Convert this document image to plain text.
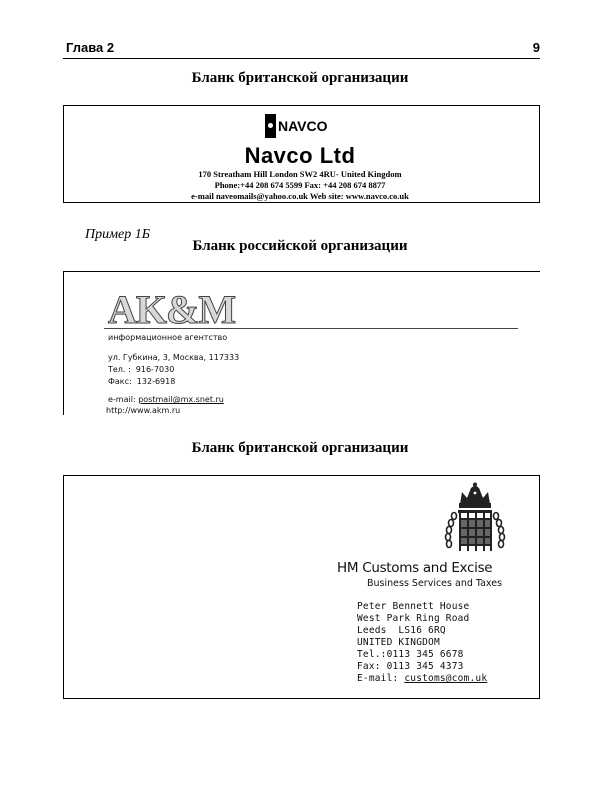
Глава 2	9
Бланк британской организации
NAVCO
Navco Ltd
170 Streatham Hill London SW2 4RU- United Kingdom
Phone:+44 208 674 5599 Fax: +44 208 674 8877
e-mail naveomails@yahoo.co.uk Web site: www.navco.co.uk
Пример 1Б
Бланк российской организации
AK&M
информационное агентство
ул. Губкина, 3, Москва, 117333
Тел. :  916-7030
Факс:  132-6918
e-mail: postmail@mx.snet.ru
http://www.akm.ru
Бланк британской организации
HM Customs and Excise
Business Services and Taxes
Peter Bennett House
West Park Ring Road
Leeds  LS16 6RQ
UNITED KINGDOM
Tel.:0113 345 6678
Fax: 0113 345 4373
E-mail: customs@com.uk
